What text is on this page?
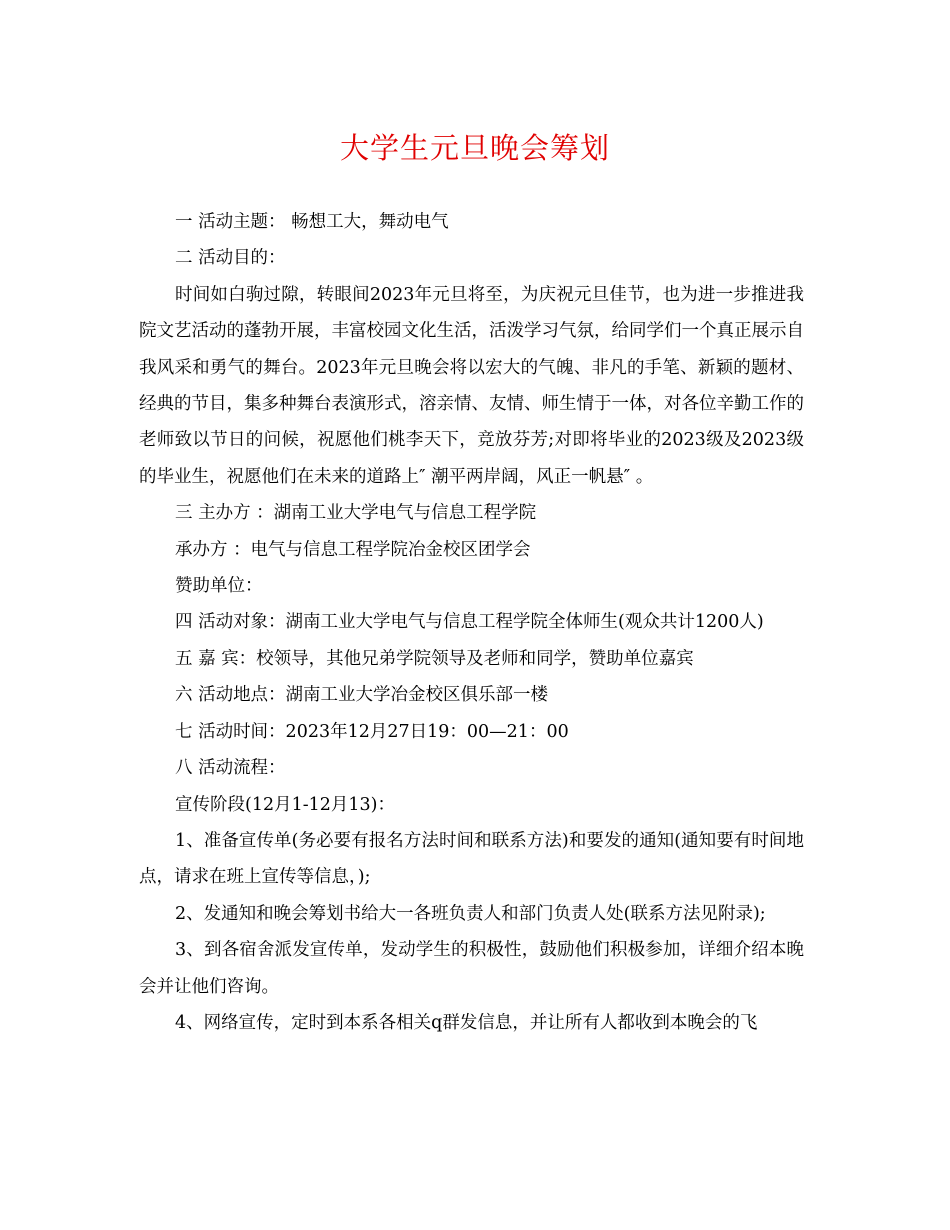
大学生元旦晚会筹划

一 活动主题： 畅想工大，舞动电气

二 活动目的：

时间如白驹过隙，转眼间2023年元旦将至，为庆祝元旦佳节，也为进一步推进我院文艺活动的蓬勃开展，丰富校园文化生活，活泼学习气氛，给同学们一个真正展示自我风采和勇气的舞台。2023年元旦晚会将以宏大的气魄、非凡的手笔、新颖的题材、经典的节目，集多种舞台表演形式，溶亲情、友情、师生情于一体，对各位辛勤工作的老师致以节日的问候，祝愿他们桃李天下，竞放芬芳;对即将毕业的2023级及2023级的毕业生，祝愿他们在未来的道路上″ 潮平两岸阔，风正一帆悬″ 。

三 主办方 ：湖南工业大学电气与信息工程学院

承办方 ：电气与信息工程学院冶金校区团学会

赞助单位：

四 活动对象：湖南工业大学电气与信息工程学院全体师生(观众共计1200人)

五 嘉 宾：校领导，其他兄弟学院领导及老师和同学，赞助单位嘉宾

六 活动地点：湖南工业大学冶金校区俱乐部一楼

七 活动时间：2023年12月27日19：00—21：00

八 活动流程：

宣传阶段(12月1-12月13)：

1、准备宣传单(务必要有报名方法时间和联系方法)和要发的通知(通知要有时间地点，请求在班上宣传等信息，);

2、发通知和晚会筹划书给大一各班负责人和部门负责人处(联系方法见附录);

3、到各宿舍派发宣传单，发动学生的积极性，鼓励他们积极参加，详细介绍本晚会并让他们咨询。

4、网络宣传，定时到本系各相关q群发信息，并让所有人都收到本晚会的飞
